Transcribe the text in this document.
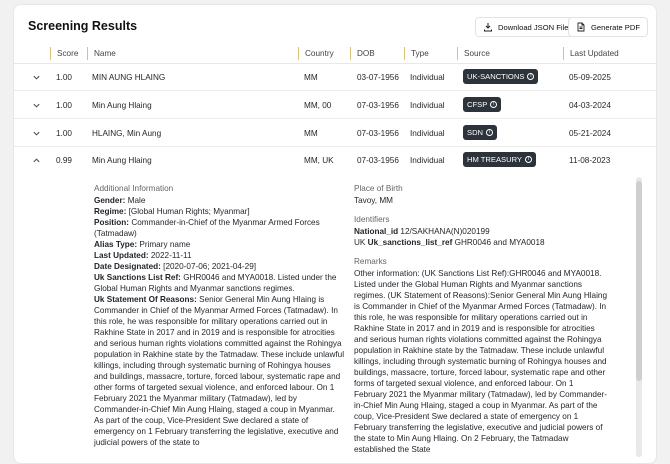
Screening Results	Download JSON File	Generate PDF
Score	Name	Country	DOB	Type	Source	Last Updated
1.00 MIN AUNG HLAING	MM	03-07-1956 Individual	UK-SANCTIONS	i	05-09-2025
1.00 Min Aung Hlaing	MM, 00	07-03-1956 Individual	CFSP	i	04-03-2024
1.00 HLAING, Min Aung	MM	07-03-1956 Individual	SDN	i	05-21-2024
0.99 Min Aung Hlaing	MM, UK	07-03-1956 Individual	HM TREASURY	i	11-08-2023
Additional Information
Gender: Male
Regime: [Global Human Rights; Myanmar]
Position: Commander-in-Chief of the Myanmar Armed Forces (Tatmadaw)
Alias Type: Primary name
Last Updated: 2022-11-11
Date Designated: [2020-07-06; 2021-04-29]
Uk Sanctions List Ref: GHR0046 and MYA0018. Listed under the Global Human Rights and Myanmar sanctions regimes.
Uk Statement Of Reasons: Senior General Min Aung Hlaing is Commander in Chief of the Myanmar Armed Forces (Tatmadaw). In this role, he was responsible for military operations carried out in Rakhine State in 2017 and in 2019 and is responsible for atrocities and serious human rights violations committed against the Rohingya population in Rakhine state by the Tatmadaw. These include unlawful killings, including through systematic burning of Rohingya houses and buildings, massacre, torture, forced labour, systematic rape and other forms of targeted sexual violence, and enforced labour. On 1 February 2021 the Myanmar military (Tatmadaw), led by Commander-in-Chief Min Aung Hlaing, staged a coup in Myanmar. As part of the coup, Vice-President Swe declared a state of emergency on 1 February transferring the legislative, executive and judicial powers of the state to
Place of Birth
Tavoy, MM
Identifiers
National_id 12/SAKHANA(N)020199
UK Uk_sanctions_list_ref GHR0046 and MYA0018
Remarks
Other information: (UK Sanctions List Ref):GHR0046 and MYA0018. Listed under the Global Human Rights and Myanmar sanctions regimes. (UK Statement of Reasons):Senior General Min Aung Hlaing is Commander in Chief of the Myanmar Armed Forces (Tatmadaw). In this role, he was responsible for military operations carried out in Rakhine State in 2017 and in 2019 and is responsible for atrocities and serious human rights violations committed against the Rohingya population in Rakhine state by the Tatmadaw. These include unlawful killings, including through systematic burning of Rohingya houses and buildings, massacre, torture, forced labour, systematic rape and other forms of targeted sexual violence, and enforced labour. On 1 February 2021 the Myanmar military (Tatmadaw), led by Commander-in-Chief Min Aung Hlaing, staged a coup in Myanmar. As part of the coup, Vice-President Swe declared a state of emergency on 1 February transferring the legislative, executive and judicial powers of the state to Min Aung Hlaing. On 2 February, the Tatmadaw established the State
